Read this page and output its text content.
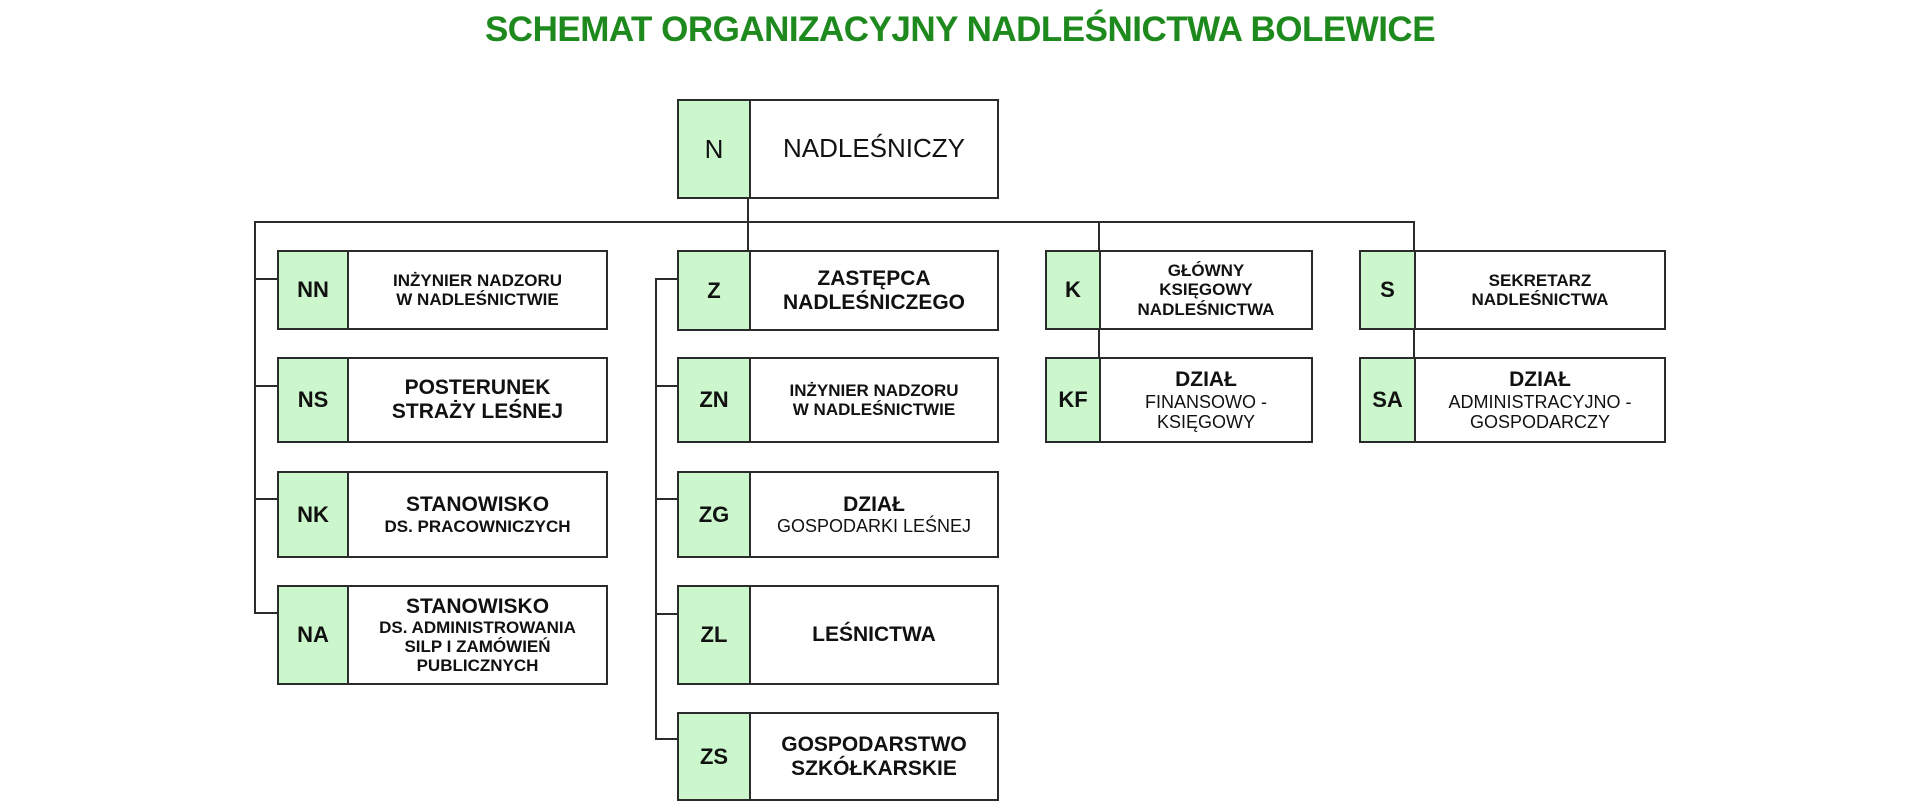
SCHEMAT ORGANIZACYJNY NADLEŚNICTWA BOLEWICE
N	NADLEŚNICZY
NN	INŻYNIER NADZORU
W NADLEŚNICTWIE
NS	POSTERUNEK
STRAŻY LEŚNEJ
NK	STANOWISKO
DS. PRACOWNICZYCH
NA
STANOWISKO
DS. ADMINISTROWANIA
SILP I ZAMÓWIEŃ
PUBLICZNYCH
Z	ZASTĘPCA
NADLEŚNICZEGO
ZN	INŻYNIER NADZORU
W NADLEŚNICTWIE
ZG	DZIAŁ
GOSPODARKI LEŚNEJ
ZL	LEŚNICTWA
ZS	GOSPODARSTWO
SZKÓŁKARSKIE
K
GŁÓWNY
KSIĘGOWY
NADLEŚNICTWA
KF
DZIAŁ
FINANSOWO -
KSIĘGOWY
S	SEKRETARZ
NADLEŚNICTWA
SA
DZIAŁ
ADMINISTRACYJNO -
GOSPODARCZY
